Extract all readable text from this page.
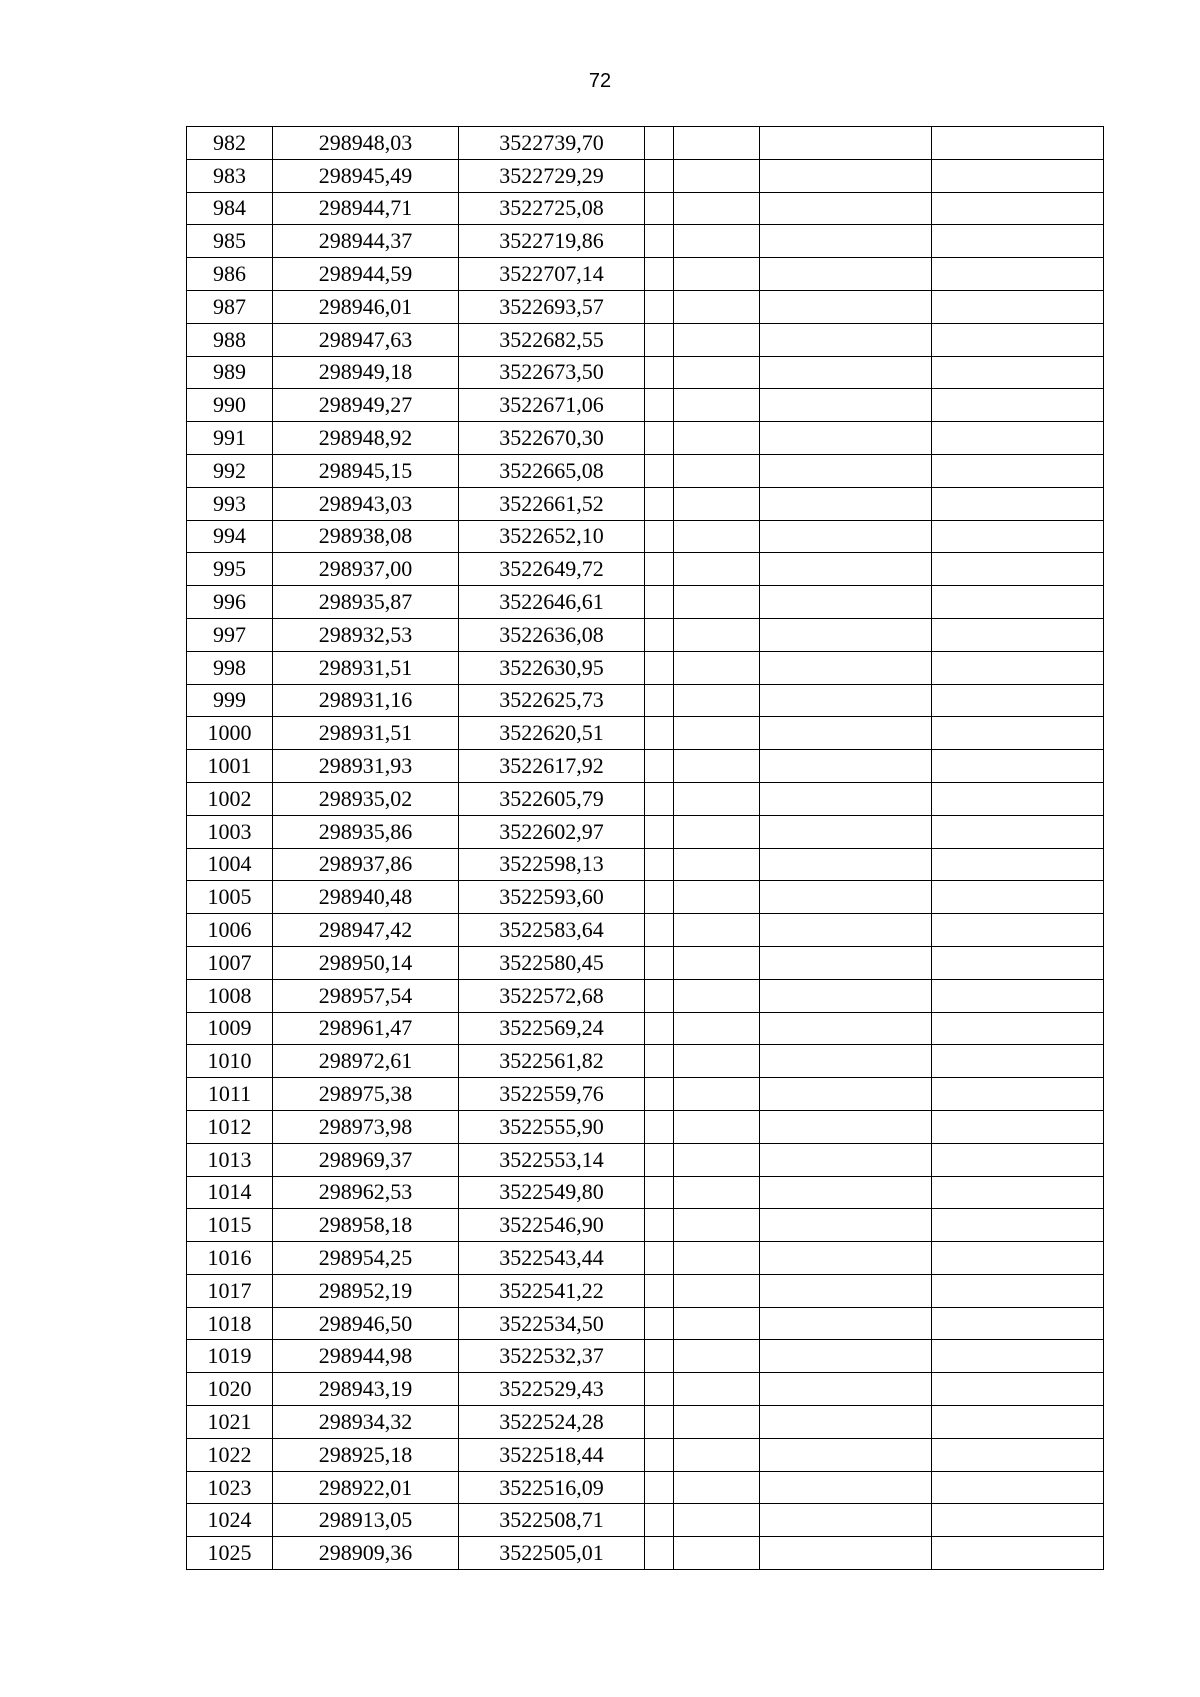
72
982	298948,03	3522739,70				
983	298945,49	3522729,29				
984	298944,71	3522725,08				
985	298944,37	3522719,86				
986	298944,59	3522707,14				
987	298946,01	3522693,57				
988	298947,63	3522682,55				
989	298949,18	3522673,50				
990	298949,27	3522671,06				
991	298948,92	3522670,30				
992	298945,15	3522665,08				
993	298943,03	3522661,52				
994	298938,08	3522652,10				
995	298937,00	3522649,72				
996	298935,87	3522646,61				
997	298932,53	3522636,08				
998	298931,51	3522630,95				
999	298931,16	3522625,73				
1000	298931,51	3522620,51				
1001	298931,93	3522617,92				
1002	298935,02	3522605,79				
1003	298935,86	3522602,97				
1004	298937,86	3522598,13				
1005	298940,48	3522593,60				
1006	298947,42	3522583,64				
1007	298950,14	3522580,45				
1008	298957,54	3522572,68				
1009	298961,47	3522569,24				
1010	298972,61	3522561,82				
1011	298975,38	3522559,76				
1012	298973,98	3522555,90				
1013	298969,37	3522553,14				
1014	298962,53	3522549,80				
1015	298958,18	3522546,90				
1016	298954,25	3522543,44				
1017	298952,19	3522541,22				
1018	298946,50	3522534,50				
1019	298944,98	3522532,37				
1020	298943,19	3522529,43				
1021	298934,32	3522524,28				
1022	298925,18	3522518,44				
1023	298922,01	3522516,09				
1024	298913,05	3522508,71				
1025	298909,36	3522505,01				
